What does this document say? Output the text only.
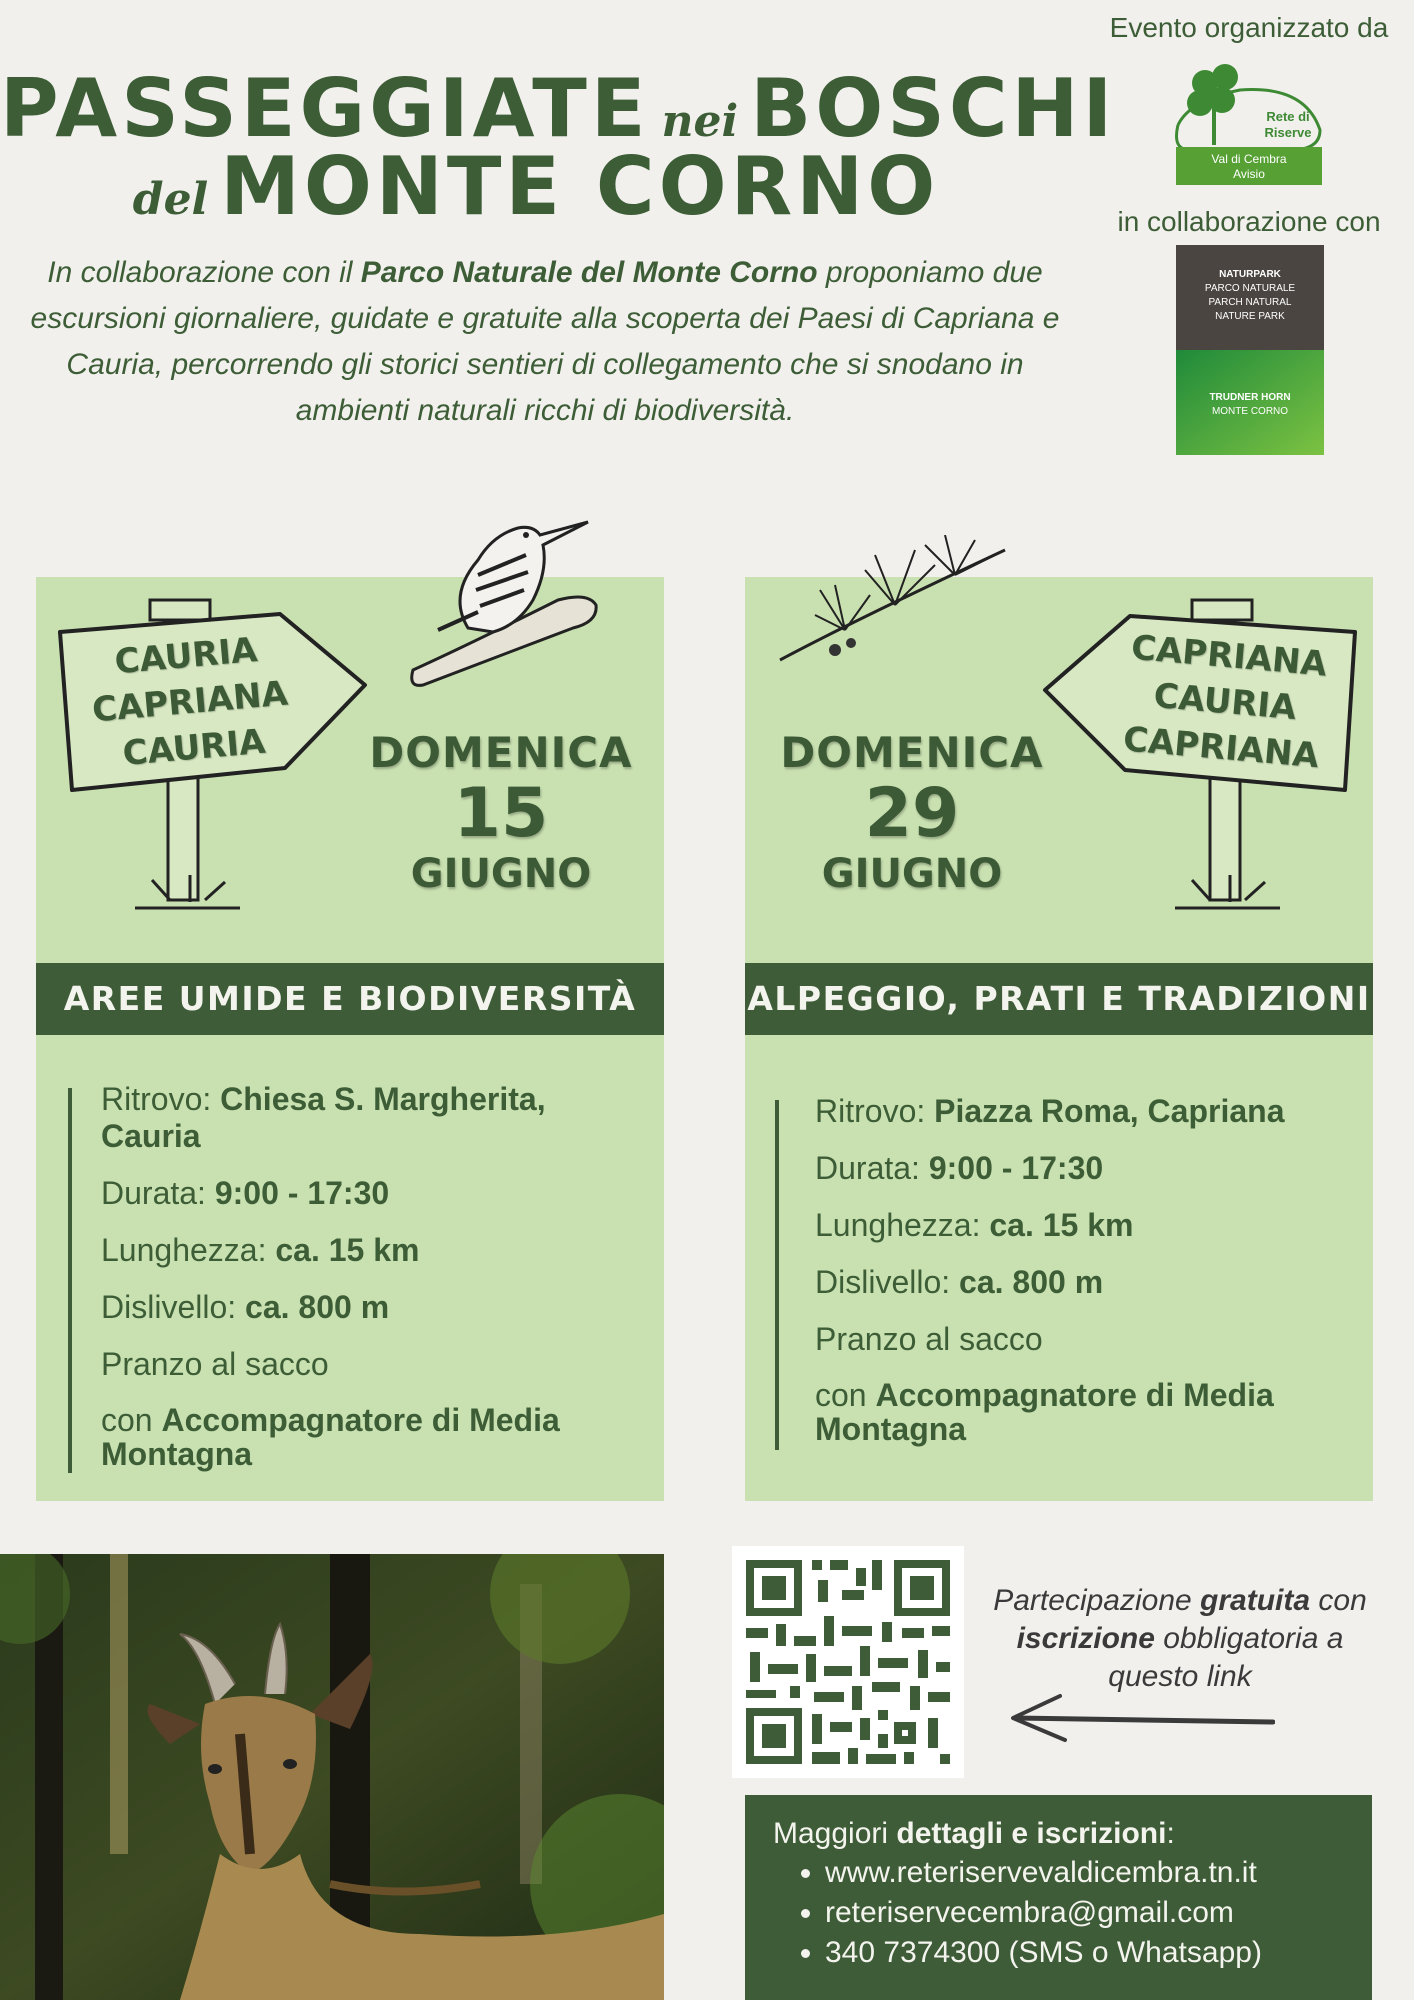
PASSEGGIATE nei BOSCHI
del MONTE CORNO
In collaborazione con il Parco Naturale del Monte Corno proponiamo due escursioni giornaliere, guidate e gratuite alla scoperta dei Paesi di Capriana e Cauria, percorrendo gli storici sentieri di collegamento che si snodano in ambienti naturali ricchi di biodiversità.
Evento organizzato da
Rete di
Riserve
Val di Cembra
Avisio
in collaborazione con
NATURPARK
PARCO NATURALE
PARCH NATURAL
NATURE PARK
TRUDNER HORN
MONTE CORNO
CAURIA
CAPRIANA
CAURIA	DOMENICA
15
GIUGNO
AREE UMIDE E BIODIVERSITÀ
Ritrovo: Chiesa S. Margherita, Cauria
Durata: 9:00 - 17:30
Lunghezza: ca. 15 km
Dislivello: ca. 800 m
Pranzo al sacco
con Accompagnatore di Media Montagna
CAPRIANA
CAURIA
CAPRIANA
DOMENICA
29
GIUGNO
ALPEGGIO, PRATI E TRADIZIONI
Ritrovo: Piazza Roma, Capriana
Durata: 9:00 - 17:30
Lunghezza: ca. 15 km
Dislivello: ca. 800 m
Pranzo al sacco
con Accompagnatore di Media Montagna
Partecipazione gratuita con iscrizione obbligatoria a questo link
Maggiori dettagli e iscrizioni:
• www.reteriservevaldicembra.tn.it
• reteriservecembra@gmail.com
• 340 7374300 (SMS o Whatsapp)
